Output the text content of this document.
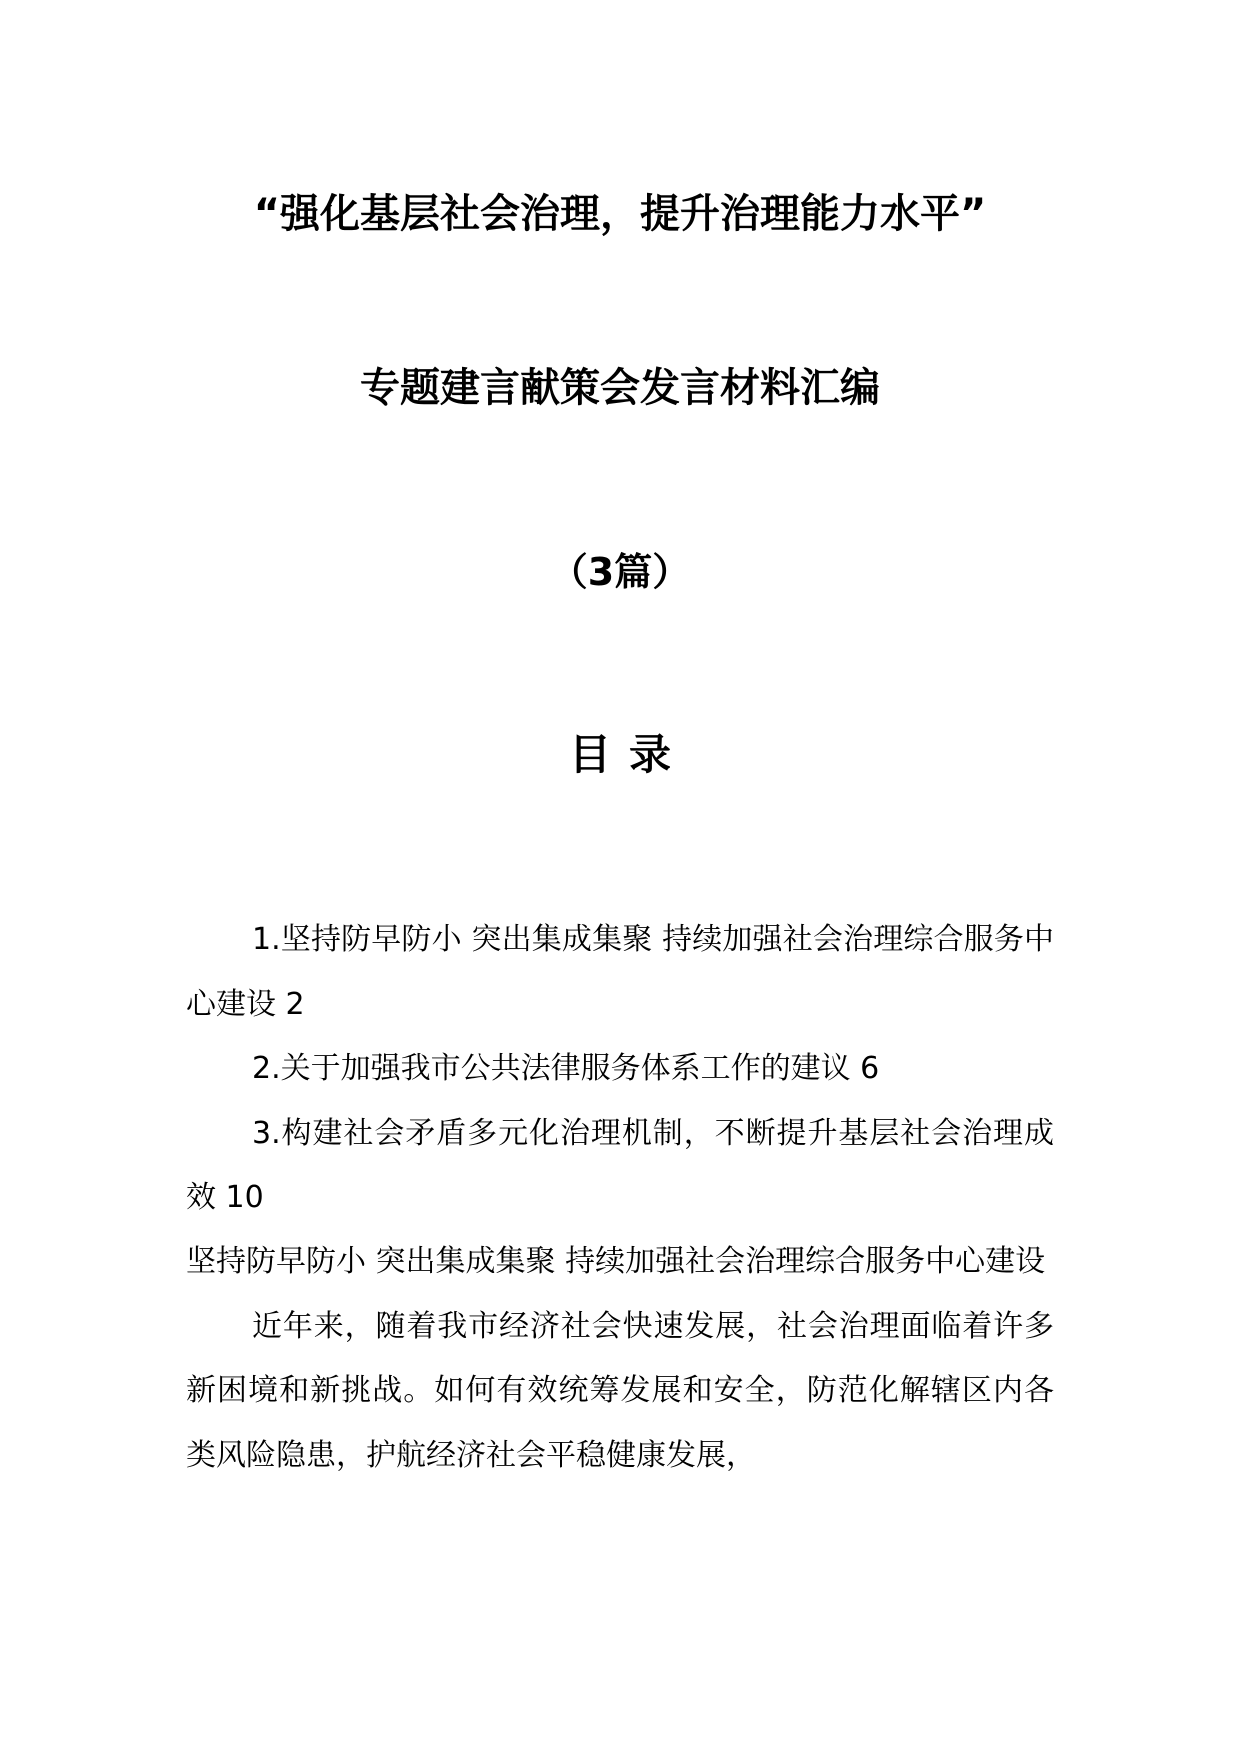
“强化基层社会治理，提升治理能力水平”
专题建言献策会发言材料汇编
（3篇）
目录

1.坚持防早防小 突出集成集聚 持续加强社会治理综合服务中心建设 2

2.关于加强我市公共法律服务体系工作的建议 6

3.构建社会矛盾多元化治理机制，不断提升基层社会治理成效 10

坚持防早防小 突出集成集聚 持续加强社会治理综合服务中心建设

近年来，随着我市经济社会快速发展，社会治理面临着许多新困境和新挑战。如何有效统筹发展和安全，防范化解辖区内各类风险隐患，护航经济社会平稳健康发展，
